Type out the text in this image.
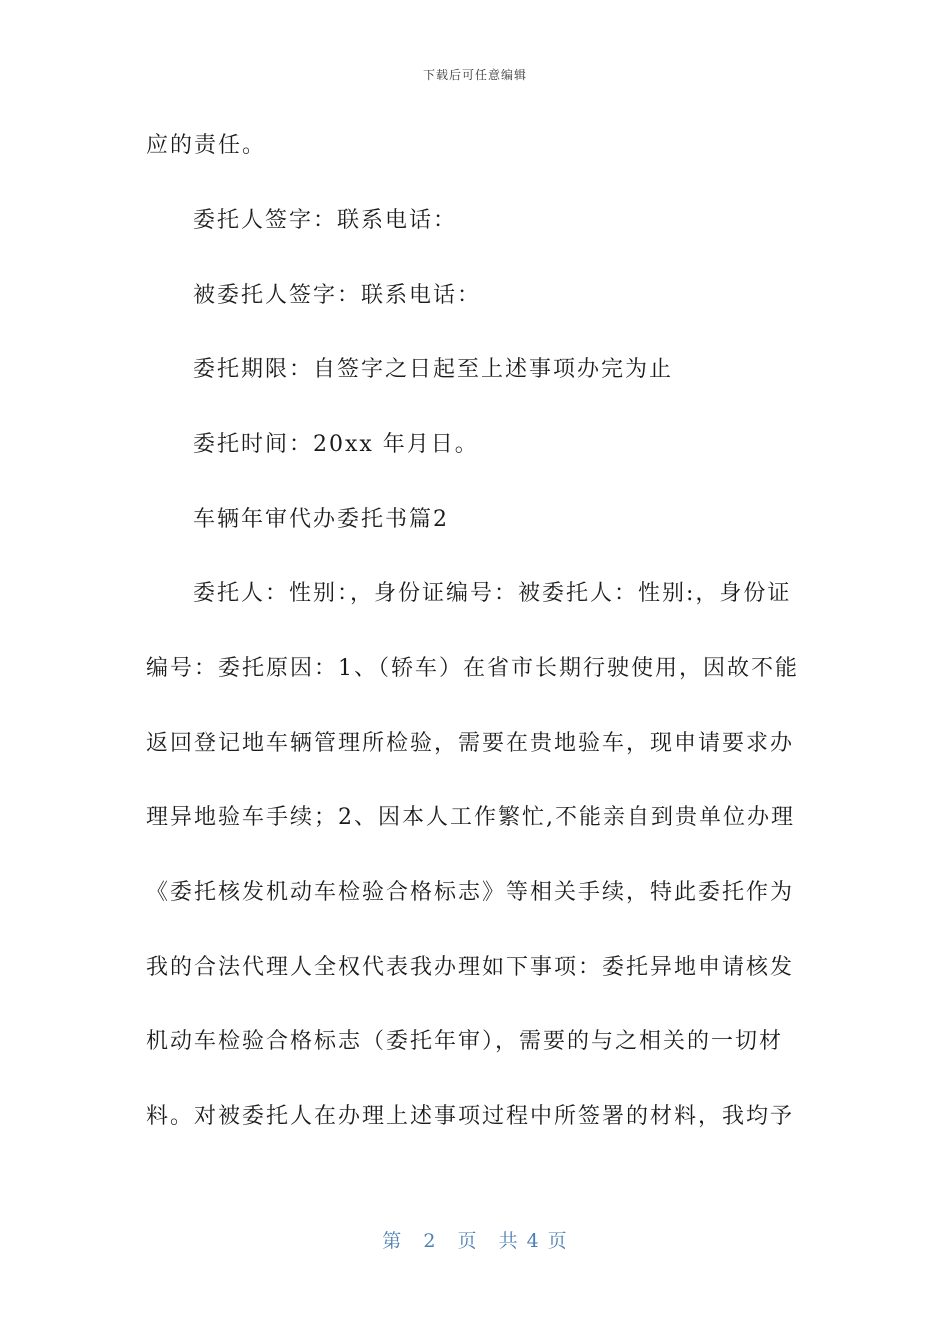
下载后可任意编辑
应的责任。
委托人签字：联系电话：
被委托人签字：联系电话：
委托期限：自签字之日起至上述事项办完为止
委托时间：20xx 年月日。
车辆年审代办委托书篇2
委托人：性别：，身份证编号：被委托人：性别:，身份证
编号：委托原因：1、（轿车）在省市长期行驶使用，因故不能
返回登记地车辆管理所检验，需要在贵地验车，现申请要求办
理异地验车手续；2、因本人工作繁忙,不能亲自到贵单位办理
《委托核发机动车检验合格标志》等相关手续，特此委托作为
我的合法代理人全权代表我办理如下事项：委托异地申请核发
机动车检验合格标志（委托年审），需要的与之相关的一切材
料。对被委托人在办理上述事项过程中所签署的材料，我均予
第 2 页 共 4 页
